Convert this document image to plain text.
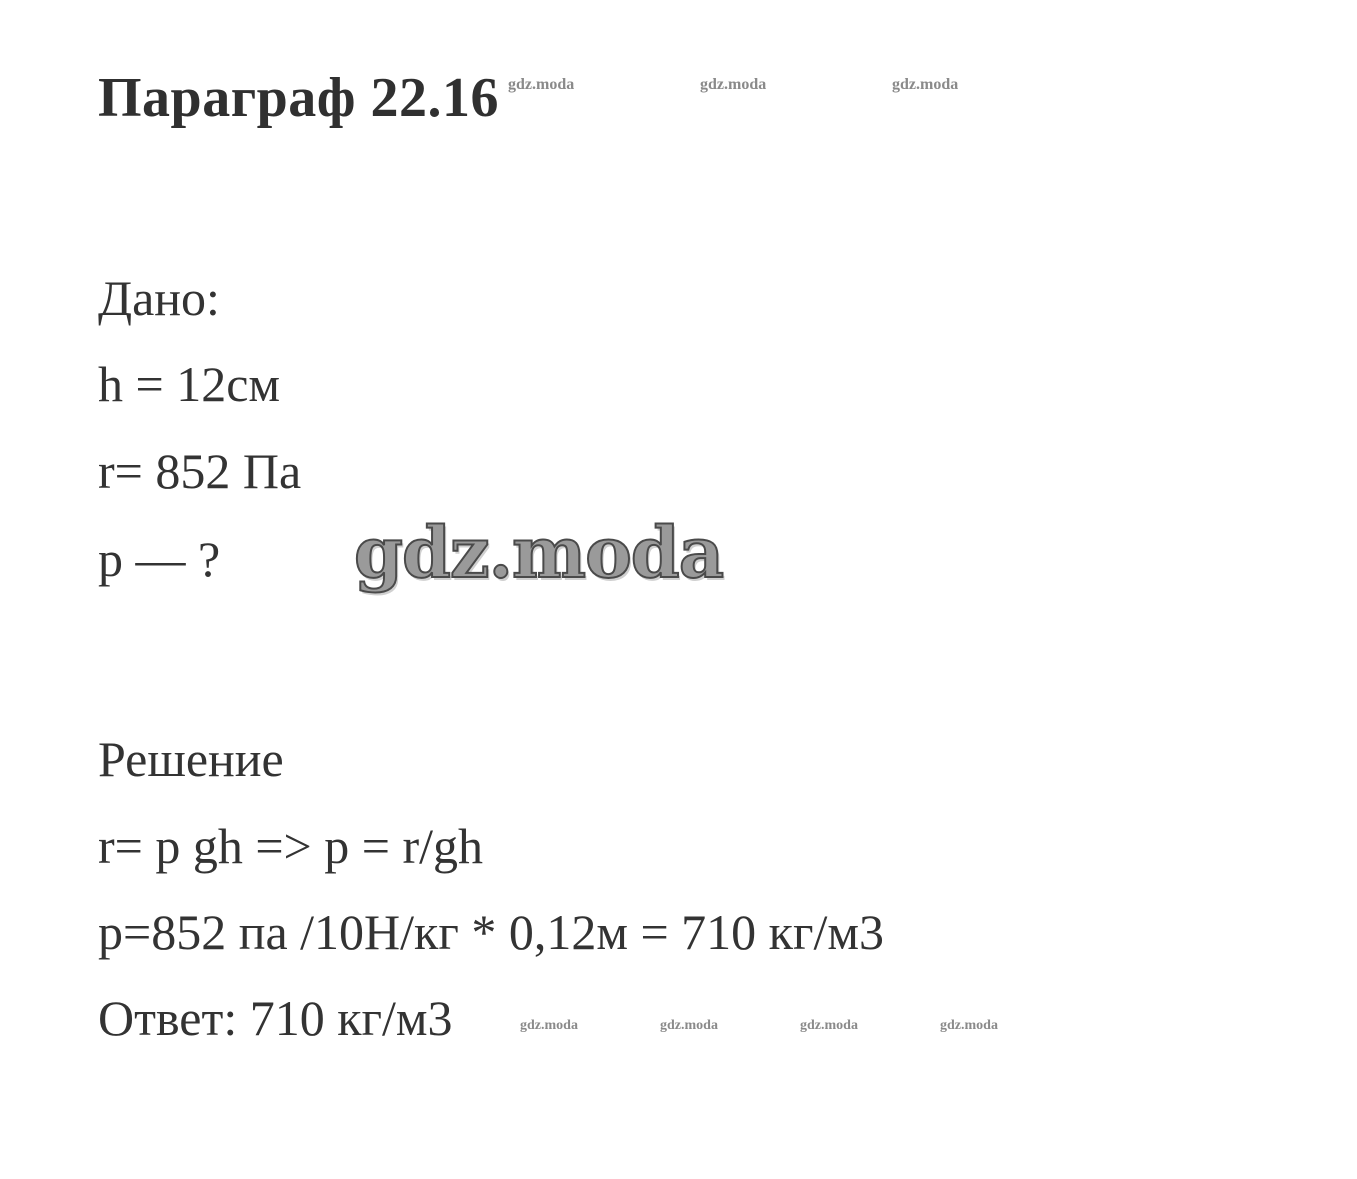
Параграф 22.16 gdz.moda	gdz.moda	gdz.moda
Дано:
h = 12см
r= 852 Па
p — ? gdz.moda
Решение
r= p gh => p = r/gh
p=852 па /10Н/кг * 0,12м = 710 кг/м3
Ответ: 710 кг/м3	gdz.moda	gdz.moda	gdz.moda	gdz.moda
